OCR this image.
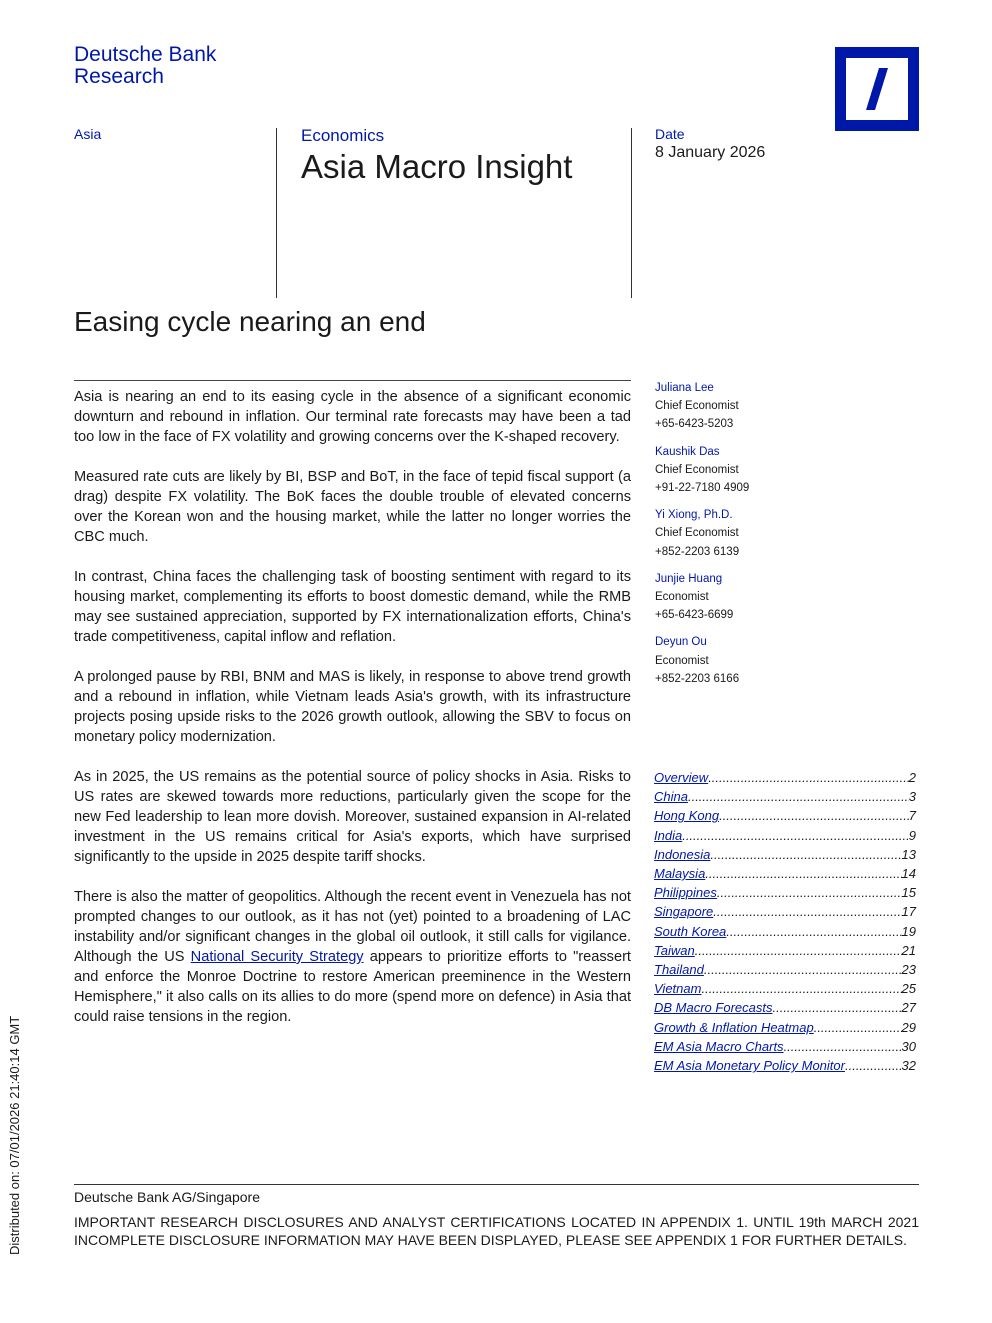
Deutsche Bank
Research
Asia	Economics
Asia Macro Insight
Date
8 January 2026
Easing cycle nearing an end

Asia is nearing an end to its easing cycle in the absence of a significant economic downturn and rebound in inflation. Our terminal rate forecasts may have been a tad too low in the face of FX volatility and growing concerns over the K-shaped recovery.

Measured rate cuts are likely by BI, BSP and BoT, in the face of tepid fiscal support (a drag) despite FX volatility. The BoK faces the double trouble of elevated concerns over the Korean won and the housing market, while the latter no longer worries the CBC much.

In contrast, China faces the challenging task of boosting sentiment with regard to its housing market, complementing its efforts to boost domestic demand, while the RMB may see sustained appreciation, supported by FX internationalization efforts, China's trade competitiveness, capital inflow and reflation.

A prolonged pause by RBI, BNM and MAS is likely, in response to above trend growth and a rebound in inflation, while Vietnam leads Asia's growth, with its infrastructure projects posing upside risks to the 2026 growth outlook, allowing the SBV to focus on monetary policy modernization.

As in 2025, the US remains as the potential source of policy shocks in Asia. Risks to US rates are skewed towards more reductions, particularly given the scope for the new Fed leadership to lean more dovish. Moreover, sustained expansion in AI-related investment in the US remains critical for Asia's exports, which have surprised significantly to the upside in 2025 despite tariff shocks.

There is also the matter of geopolitics. Although the recent event in Venezuela has not prompted changes to our outlook, as it has not (yet) pointed to a broadening of LAC instability and/or significant changes in the global oil outlook, it still calls for vigilance. Although the US National Security Strategy appears to prioritize efforts to "reassert and enforce the Monroe Doctrine to restore American preeminence in the Western Hemisphere," it also calls on its allies to do more (spend more on defence) in Asia that could raise tensions in the region.

Juliana Lee
Chief Economist
+65-6423-5203
Kaushik Das
Chief Economist
+91-22-7180 4909
Yi Xiong, Ph.D.
Chief Economist
+852-2203 6139
Junjie Huang
Economist
+65-6423-6699
Deyun Ou
Economist
+852-2203 6166
Overview .....	2
China .....	3
Hong Kong .....	7
India .....	9
Indonesia .....	13
Malaysia .....	14
Philippines .....	15
Singapore .....	17
South Korea .....	19
Taiwan .....	21
Thailand .....	23
Vietnam .....	25
DB Macro Forecasts .....	27
Growth & Inflation Heatmap .....	29
EM Asia Macro Charts .....	30
EM Asia Monetary Policy Monitor .....	32
Deutsche Bank AG/Singapore
IMPORTANT RESEARCH DISCLOSURES AND ANALYST CERTIFICATIONS LOCATED IN APPENDIX 1. UNTIL 19th MARCH 2021 INCOMPLETE DISCLOSURE INFORMATION MAY HAVE BEEN DISPLAYED, PLEASE SEE APPENDIX 1 FOR FURTHER DETAILS.
Distributed on: 07/01/2026 21:40:14 GMT
